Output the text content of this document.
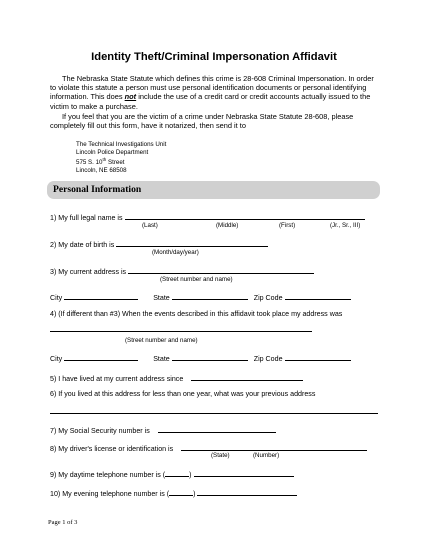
Identity Theft/Criminal Impersonation Affidavit
The Nebraska State Statute which defines this crime is 28-608 Criminal Impersonation. In order to violate this statute a person must use personal identification documents or personal identifying information. This does not include the use of a credit card or credit accounts actually issued to the victim to make a purchase.
If you feel that you are the victim of a crime under Nebraska State Statute 28-608, please completely fill out this form, have it notarized, then send it to
The Technical Investigations Unit
Lincoln Police Department
575 S. 10th Street
Lincoln, NE 68508
Personal Information
1) My full legal name is
(Last)	(Middle)	(First)	(Jr., Sr., III)
2) My date of birth is
(Month/day/year)
3) My current address is
(Street number and name)
City	State	Zip Code
4) (If different than #3) When the events described in this affidavit took place my address was
(Street number and name)
City	State	Zip Code
5) I have lived at my current address since
6) If you lived at this address for less than one year, what was your previous address
7) My Social Security number is
8) My driver's license or identification is
(State)	(Number)
9) My daytime telephone number is (	)
10) My evening telephone number is (	)
Page 1 of 3
